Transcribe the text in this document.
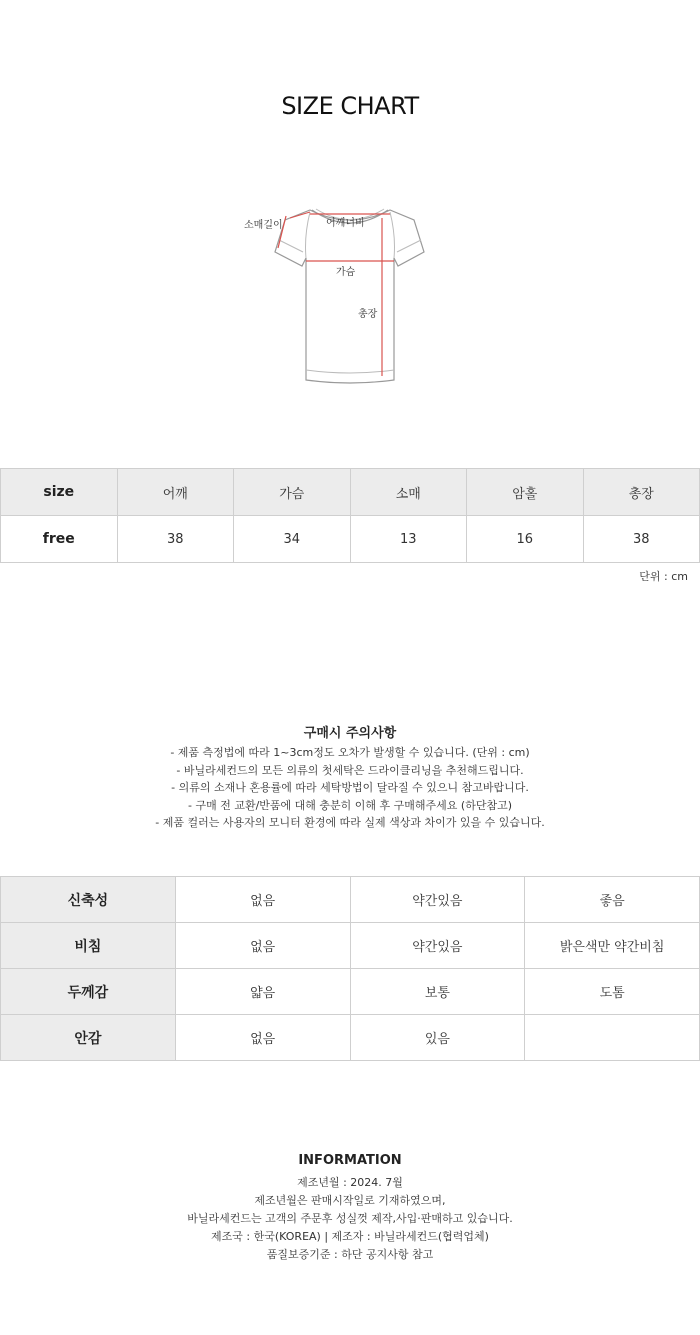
SIZE CHART
소매길이	어깨너비
가슴
총장
size	어깨	가슴	소매	암홀	총장
free	38	34	13	16	38
단위 : cm
구매시 주의사항
- 제품 측정법에 따라 1~3cm정도 오차가 발생할 수 있습니다. (단위 : cm)
- 바닐라세컨드의 모든 의류의 첫세탁은 드라이클리닝을 추천해드립니다.
- 의류의 소재나 혼용률에 따라 세탁방법이 달라질 수 있으니 참고바랍니다.
- 구매 전 교환/반품에 대해 충분히 이해 후 구매해주세요 (하단참고)
- 제품 컬러는 사용자의 모니터 환경에 따라 실제 색상과 차이가 있을 수 있습니다.
신축성	없음	약간있음	좋음
비침	없음	약간있음	밝은색만 약간비침
두께감	얇음	보통	도톰
안감	없음	있음	
INFORMATION
제조년월 : 2024. 7월
제조년월은 판매시작일로 기재하였으며,
바닐라세컨드는 고객의 주문후 성실껏 제작,사입·판매하고 있습니다.
제조국 : 한국(KOREA) | 제조자 : 바닐라세컨드(협력업체)
품질보증기준 : 하단 공지사항 참고
